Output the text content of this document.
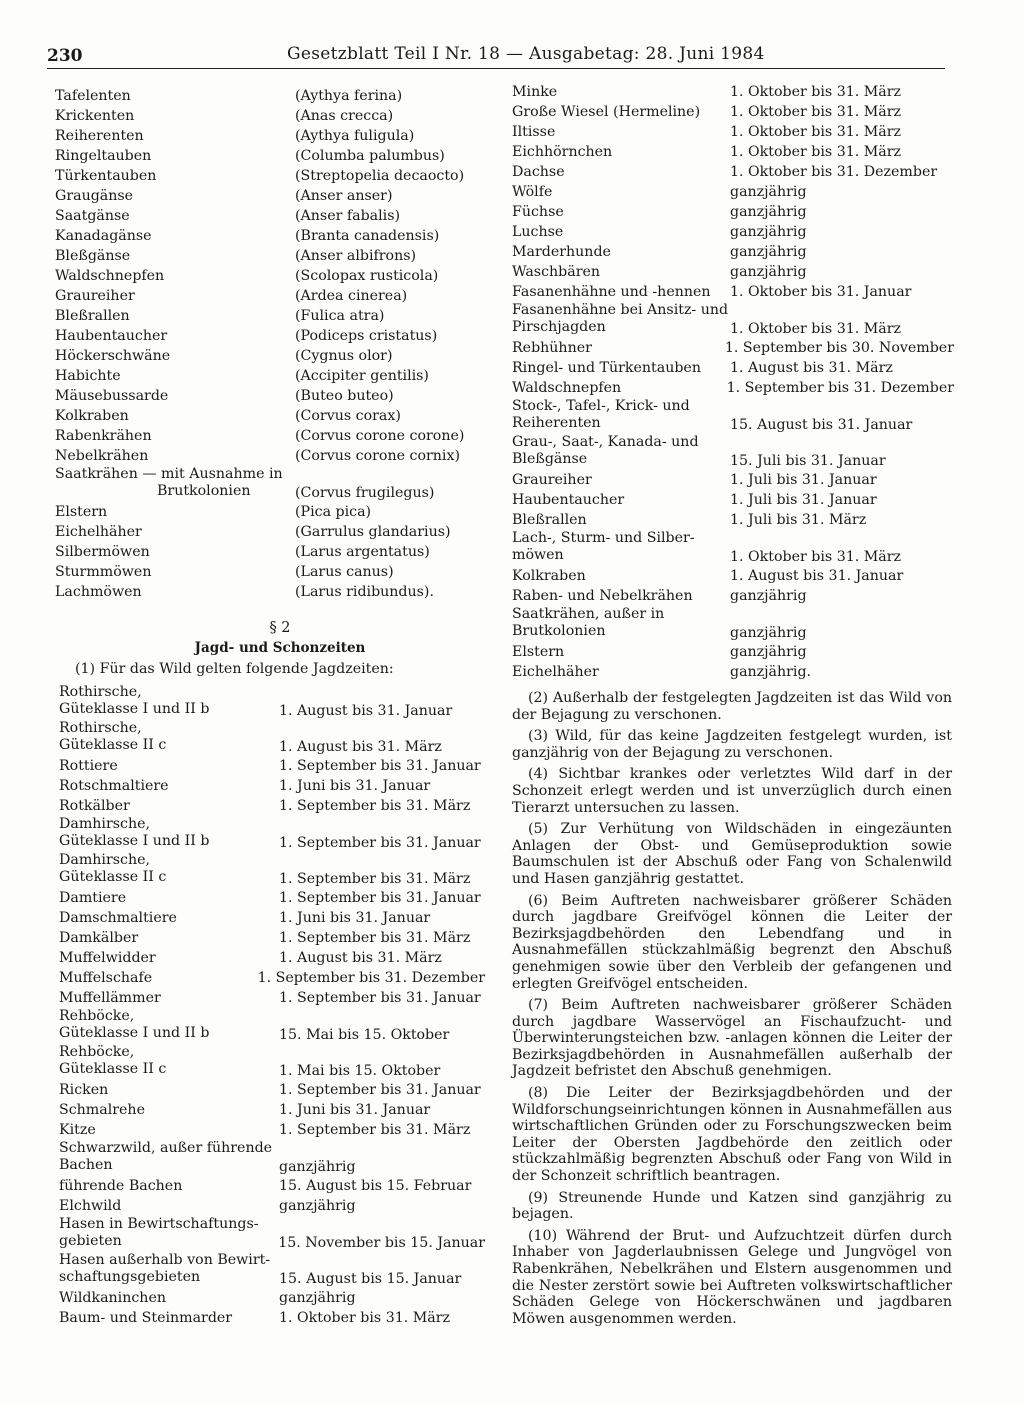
230	Gesetzblatt Teil I Nr. 18 — Ausgabetag: 28. Juni 1984
Tafelenten	(Aythya ferina)
Krickenten	(Anas crecca)
Reiherenten	(Aythya fuligula)
Ringeltauben	(Columba palumbus)
Türkentauben	(Streptopelia decaocto)
Graugänse	(Anser anser)
Saatgänse	(Anser fabalis)
Kanadagänse	(Branta canadensis)
Bleßgänse	(Anser albifrons)
Waldschnepfen	(Scolopax rusticola)
Graureiher	(Ardea cinerea)
Bleßrallen	(Fulica atra)
Haubentaucher	(Podiceps cristatus)
Höckerschwäne	(Cygnus olor)
Habichte	(Accipiter gentilis)
Mäusebussarde	(Buteo buteo)
Kolkraben	(Corvus corax)
Rabenkrähen	(Corvus corone corone)
Nebelkrähen	(Corvus corone cornix)
Saatkrähen — mit Ausnahme in
Brutkolonien	(Corvus frugilegus)
Elstern	(Pica pica)
Eichelhäher	(Garrulus glandarius)
Silbermöwen	(Larus argentatus)
Sturmmöwen	(Larus canus)
Lachmöwen	(Larus ridibundus).
§ 2
Jagd- und Schonzeiten
(1) Für das Wild gelten folgende Jagdzeiten:
Rothirsche,
Güteklasse I und II b	1. August bis 31. Januar
Rothirsche,
Güteklasse II c	1. August bis 31. März
Rottiere	1. September bis 31. Januar
Rotschmaltiere	1. Juni bis 31. Januar
Rotkälber	1. September bis 31. März
Damhirsche,
Güteklasse I und II b	1. September bis 31. Januar
Damhirsche,
Güteklasse II c	1. September bis 31. März
Damtiere	1. September bis 31. Januar
Damschmaltiere	1. Juni bis 31. Januar
Damkälber	1. September bis 31. März
Muffelwidder	1. August bis 31. März
Muffelschafe	1. September bis 31. Dezember
Muffellämmer	1. September bis 31. Januar
Rehböcke,
Güteklasse I und II b	15. Mai bis 15. Oktober
Rehböcke,
Güteklasse II c	1. Mai bis 15. Oktober
Ricken	1. September bis 31. Januar
Schmalrehe	1. Juni bis 31. Januar
Kitze	1. September bis 31. März
Schwarzwild, außer führende
Bachen	ganzjährig
führende Bachen	15. August bis 15. Februar
Elchwild	ganzjährig
Hasen in Bewirtschaftungs-
gebieten	15. November bis 15. Januar
Hasen außerhalb von Bewirt-
schaftungsgebieten	15. August bis 15. Januar
Wildkaninchen	ganzjährig
Baum- und Steinmarder	1. Oktober bis 31. März
Minke	1. Oktober bis 31. März
Große Wiesel (Hermeline)	1. Oktober bis 31. März
Iltisse	1. Oktober bis 31. März
Eichhörnchen	1. Oktober bis 31. März
Dachse	1. Oktober bis 31. Dezember
Wölfe	ganzjährig
Füchse	ganzjährig
Luchse	ganzjährig
Marderhunde	ganzjährig
Waschbären	ganzjährig
Fasanenhähne und -hennen	1. Oktober bis 31. Januar
Fasanenhähne bei Ansitz- und
Pirschjagden	1. Oktober bis 31. März
Rebhühner	1. September bis 30. November
Ringel- und Türkentauben	1. August bis 31. März
Waldschnepfen	1. September bis 31. Dezember
Stock-, Tafel-, Krick- und
Reiherenten	15. August bis 31. Januar
Grau-, Saat-, Kanada- und
Bleßgänse	15. Juli bis 31. Januar
Graureiher	1. Juli bis 31. Januar
Haubentaucher	1. Juli bis 31. Januar
Bleßrallen	1. Juli bis 31. März
Lach-, Sturm- und Silber-
möwen	1. Oktober bis 31. März
Kolkraben	1. August bis 31. Januar
Raben- und Nebelkrähen	ganzjährig
Saatkrähen, außer in
Brutkolonien	ganzjährig
Elstern	ganzjährig
Eichelhäher	ganzjährig.

(2) Außerhalb der festgelegten Jagdzeiten ist das Wild von der Bejagung zu verschonen.

(3) Wild, für das keine Jagdzeiten festgelegt wurden, ist ganzjährig von der Bejagung zu verschonen.

(4) Sichtbar krankes oder verletztes Wild darf in der Schonzeit erlegt werden und ist unverzüglich durch einen Tierarzt untersuchen zu lassen.

(5) Zur Verhütung von Wildschäden in eingezäunten Anlagen der Obst- und Gemüseproduktion sowie Baumschulen ist der Abschuß oder Fang von Schalenwild und Hasen ganzjährig gestattet.

(6) Beim Auftreten nachweisbarer größerer Schäden durch jagdbare Greifvögel können die Leiter der Bezirksjagdbehörden den Lebendfang und in Ausnahmefällen stückzahlmäßig begrenzt den Abschuß genehmigen sowie über den Verbleib der gefangenen und erlegten Greifvögel entscheiden.

(7) Beim Auftreten nachweisbarer größerer Schäden durch jagdbare Wasservögel an Fischaufzucht- und Überwinterungsteichen bzw. -anlagen können die Leiter der Bezirksjagdbehörden in Ausnahmefällen außerhalb der Jagdzeit befristet den Abschuß genehmigen.

(8) Die Leiter der Bezirksjagdbehörden und der Wildforschungseinrichtungen können in Ausnahmefällen aus wirtschaftlichen Gründen oder zu Forschungszwecken beim Leiter der Obersten Jagdbehörde den zeitlich oder stückzahlmäßig begrenzten Abschuß oder Fang von Wild in der Schonzeit schriftlich beantragen.

(9) Streunende Hunde und Katzen sind ganzjährig zu bejagen.

(10) Während der Brut- und Aufzuchtzeit dürfen durch Inhaber von Jagderlaubnissen Gelege und Jungvögel von Rabenkrähen, Nebelkrähen und Elstern ausgenommen und die Nester zerstört sowie bei Auftreten volkswirtschaftlicher Schäden Gelege von Höckerschwänen und jagdbaren Möwen ausgenommen werden.
